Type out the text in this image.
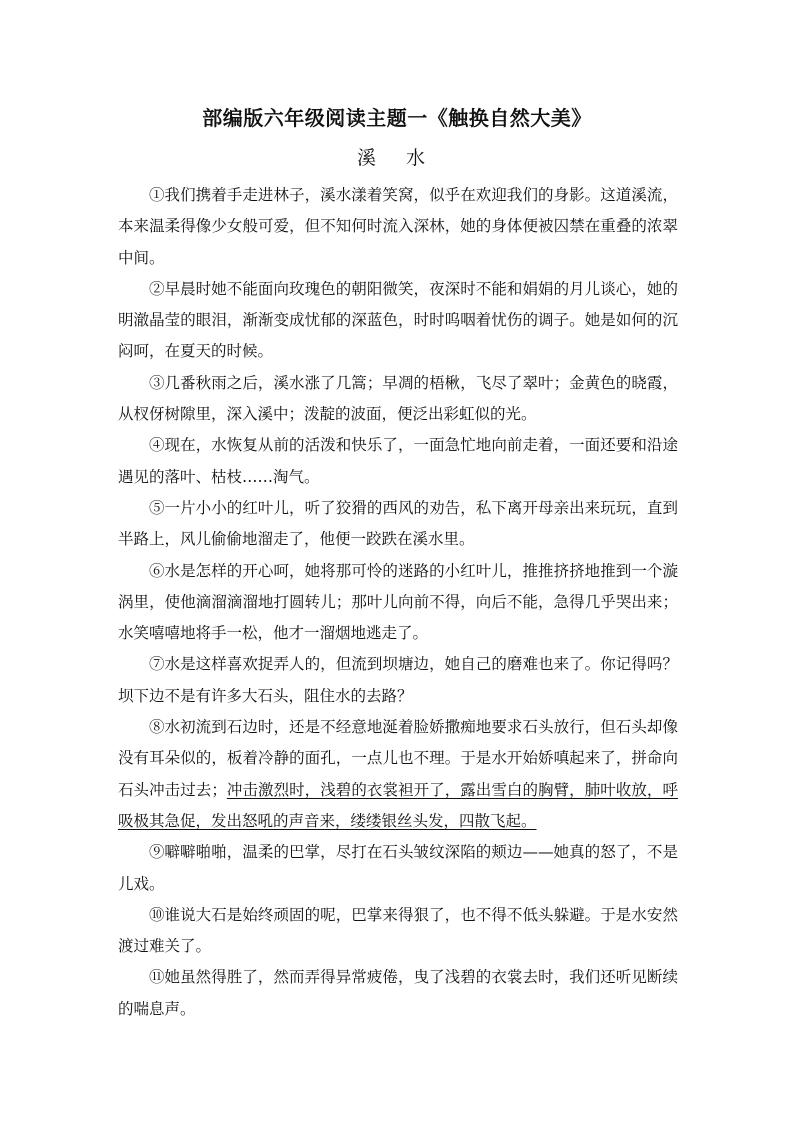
部编版六年级阅读主题一《触换自然大美》
溪 水

①我们携着手走进林子，溪水漾着笑窝，似乎在欢迎我们的身影。这道溪流，本来温柔得像少女般可爱，但不知何时流入深林，她的身体便被囚禁在重叠的浓翠中间。

②早晨时她不能面向玫瑰色的朝阳微笑，夜深时不能和娟娟的月儿谈心，她的明澈晶莹的眼泪，渐渐变成忧郁的深蓝色，时时呜咽着忧伤的调子。她是如何的沉闷呵，在夏天的时候。

③几番秋雨之后，溪水涨了几篙；早凋的梧楸，飞尽了翠叶；金黄色的晓霞，从杈伢树隙里，深入溪中；泼靛的波面，便泛出彩虹似的光。

④现在，水恢复从前的活泼和快乐了，一面急忙地向前走着，一面还要和沿途遇见的落叶、枯枝……淘气。

⑤一片小小的红叶儿，听了狡猾的西风的劝告，私下离开母亲出来玩玩，直到半路上，风儿偷偷地溜走了，他便一跤跌在溪水里。

⑥水是怎样的开心呵，她将那可怜的迷路的小红叶儿，推推挤挤地推到一个漩涡里，使他滴溜滴溜地打圆转儿；那叶儿向前不得，向后不能，急得几乎哭出来；水笑嘻嘻地将手一松，他才一溜烟地逃走了。

⑦水是这样喜欢捉弄人的，但流到坝塘边，她自己的磨难也来了。你记得吗？坝下边不是有许多大石头，阻住水的去路？

⑧水初流到石边时，还是不经意地涎着脸娇撒痴地要求石头放行，但石头却像没有耳朵似的，板着冷静的面孔，一点儿也不理。于是水开始娇嗔起来了，拼命向石头冲击过去；冲击激烈时，浅碧的衣裳袒开了，露出雪白的胸臂，肺叶收放，呼吸极其急促，发出怒吼的声音来，缕缕银丝头发，四散飞起。

⑨噼噼啪啪，温柔的巴掌，尽打在石头皱纹深陷的颊边——她真的怒了，不是儿戏。

⑩谁说大石是始终顽固的呢，巴掌来得狠了，也不得不低头躲避。于是水安然渡过难关了。

⑪她虽然得胜了，然而弄得异常疲倦，曳了浅碧的衣裳去时，我们还听见断续的喘息声。
